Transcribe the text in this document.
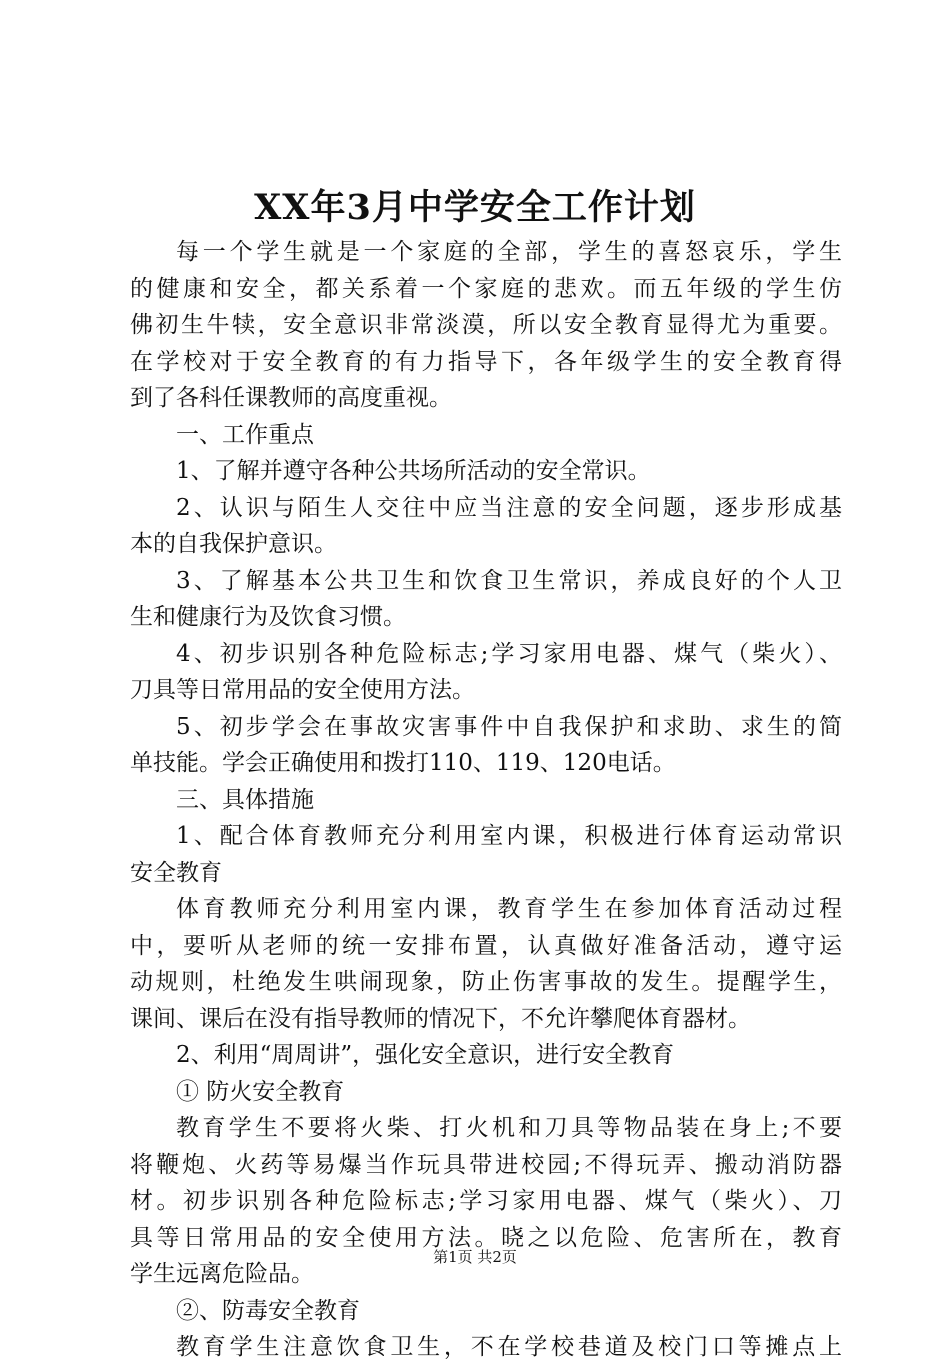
XX年3月中学安全工作计划
每一个学生就是一个家庭的全部，学生的喜怒哀乐，学生
的健康和安全，都关系着一个家庭的悲欢。而五年级的学生仿
佛初生牛犊，安全意识非常淡漠，所以安全教育显得尤为重要。
在学校对于安全教育的有力指导下，各年级学生的安全教育得
到了各科任课教师的高度重视。
一、工作重点
1、了解并遵守各种公共场所活动的安全常识。
2、认识与陌生人交往中应当注意的安全问题，逐步形成基
本的自我保护意识。
3、了解基本公共卫生和饮食卫生常识，养成良好的个人卫
生和健康行为及饮食习惯。
4、初步识别各种危险标志;学习家用电器、煤气（柴火）、
刀具等日常用品的安全使用方法。
5、初步学会在事故灾害事件中自我保护和求助、求生的简
单技能。学会正确使用和拨打110、119、120电话。
三、具体措施
1、配合体育教师充分利用室内课，积极进行体育运动常识
安全教育
体育教师充分利用室内课，教育学生在参加体育活动过程
中，要听从老师的统一安排布置，认真做好准备活动，遵守运
动规则，杜绝发生哄闹现象，防止伤害事故的发生。提醒学生，
课间、课后在没有指导教师的情况下，不允许攀爬体育器材。
2、利用“周周讲”，强化安全意识，进行安全教育
① 防火安全教育
教育学生不要将火柴、打火机和刀具等物品装在身上;不要
将鞭炮、火药等易爆当作玩具带进校园;不得玩弄、搬动消防器
材。初步识别各种危险标志;学习家用电器、煤气（柴火）、刀
具等日常用品的安全使用方法。晓之以危险、危害所在，教育
学生远离危险品。
②、防毒安全教育
教育学生注意饮食卫生，不在学校巷道及校门口等摊点上
第1页 共2页
